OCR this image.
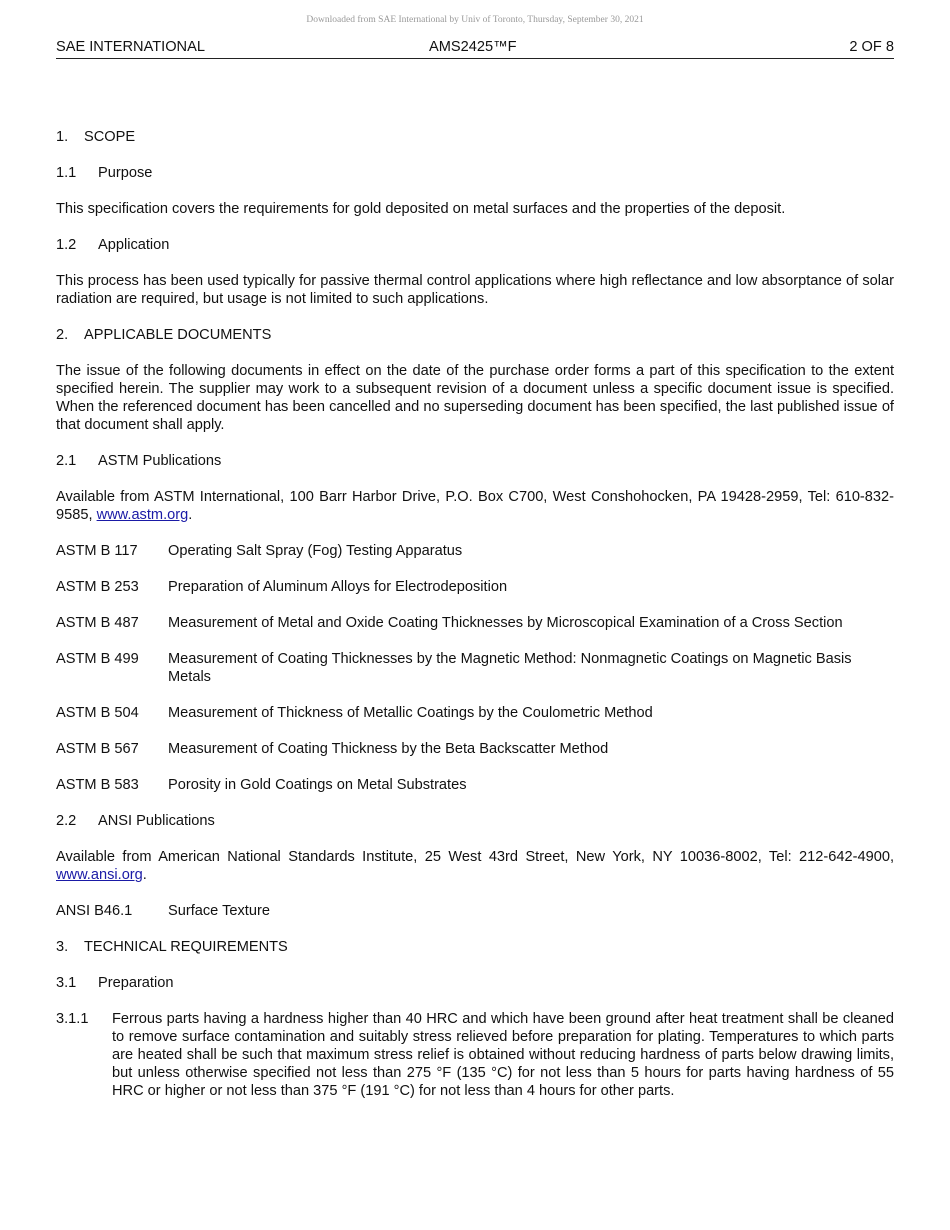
Downloaded from SAE International by Univ of Toronto, Thursday, September 30, 2021
SAE INTERNATIONAL	AMS2425™F	2 OF 8
1. SCOPE
1.1 Purpose

This specification covers the requirements for gold deposited on metal surfaces and the properties of the deposit.

1.2 Application

This process has been used typically for passive thermal control applications where high reflectance and low absorptance of solar radiation are required, but usage is not limited to such applications.

2. APPLICABLE DOCUMENTS

The issue of the following documents in effect on the date of the purchase order forms a part of this specification to the extent specified herein. The supplier may work to a subsequent revision of a document unless a specific document issue is specified. When the referenced document has been cancelled and no superseding document has been specified, the last published issue of that document shall apply.

2.1 ASTM Publications

Available from ASTM International, 100 Barr Harbor Drive, P.O. Box C700, West Conshohocken, PA 19428-2959, Tel: 610-832-9585, www.astm.org.

ASTM B 117	Operating Salt Spray (Fog) Testing Apparatus
ASTM B 253	Preparation of Aluminum Alloys for Electrodeposition
ASTM B 487	Measurement of Metal and Oxide Coating Thicknesses by Microscopical Examination of a Cross Section
ASTM B 499	Measurement of Coating Thicknesses by the Magnetic Method: Nonmagnetic Coatings on Magnetic Basis Metals
ASTM B 504	Measurement of Thickness of Metallic Coatings by the Coulometric Method
ASTM B 567	Measurement of Coating Thickness by the Beta Backscatter Method
ASTM B 583	Porosity in Gold Coatings on Metal Substrates
2.2 ANSI Publications

Available from American National Standards Institute, 25 West 43rd Street, New York, NY 10036-8002, Tel: 212-642-4900, www.ansi.org.

ANSI B46.1	Surface Texture
3. TECHNICAL REQUIREMENTS
3.1 Preparation
3.1.1	Ferrous parts having a hardness higher than 40 HRC and which have been ground after heat treatment shall be cleaned to remove surface contamination and suitably stress relieved before preparation for plating. Temperatures to which parts are heated shall be such that maximum stress relief is obtained without reducing hardness of parts below drawing limits, but unless otherwise specified not less than 275 °F (135 °C) for not less than 5 hours for parts having hardness of 55 HRC or higher or not less than 375 °F (191 °C) for not less than 4 hours for other parts.
